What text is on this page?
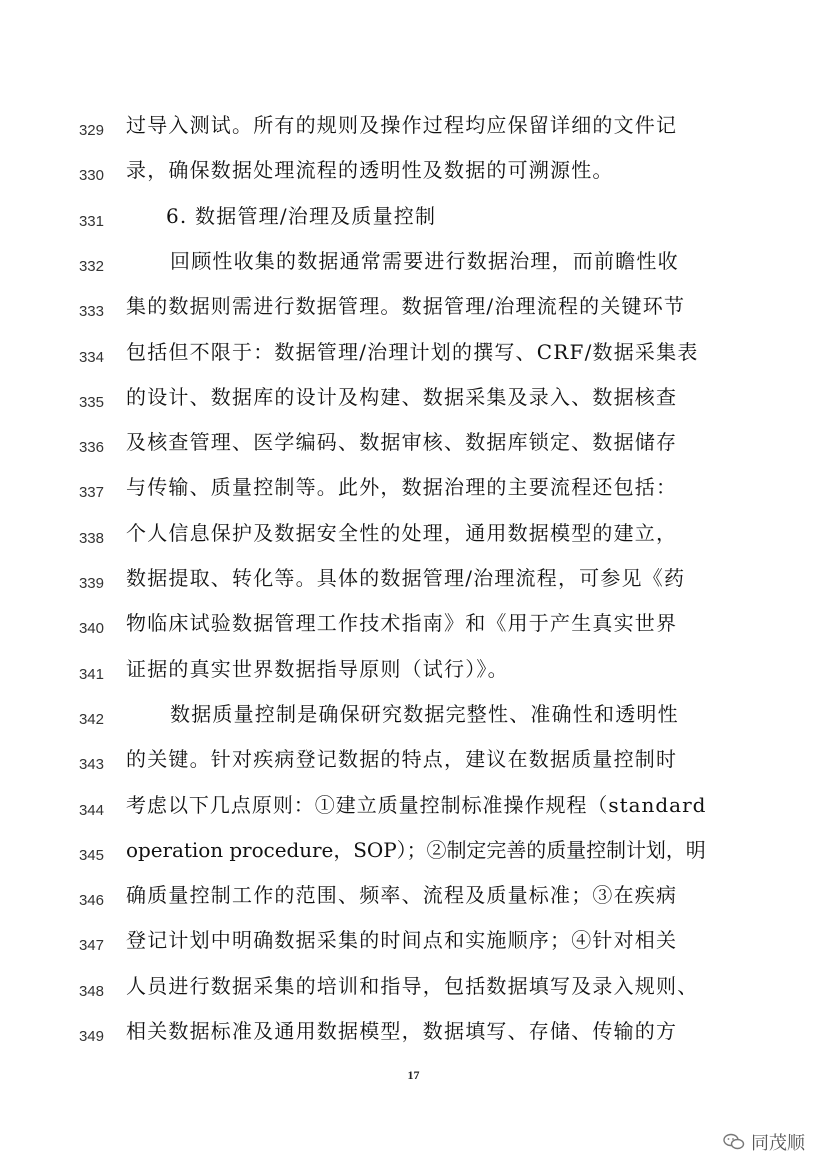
329 过导入测试。所有的规则及操作过程均应保留详细的文件记
330 录，确保数据处理流程的透明性及数据的可溯源性。
331	6. 数据管理/治理及质量控制
332	回顾性收集的数据通常需要进行数据治理，而前瞻性收
333 集的数据则需进行数据管理。数据管理/治理流程的关键环节
334 包括但不限于：数据管理/治理计划的撰写、CRF/数据采集表
335 的设计、数据库的设计及构建、数据采集及录入、数据核查
336 及核查管理、医学编码、数据审核、数据库锁定、数据储存
337 与传输、质量控制等。此外，数据治理的主要流程还包括：
338 个人信息保护及数据安全性的处理，通用数据模型的建立，
339 数据提取、转化等。具体的数据管理/治理流程，可参见《药
340 物临床试验数据管理工作技术指南》和《用于产生真实世界
341 证据的真实世界数据指导原则（试行）》。
342	数据质量控制是确保研究数据完整性、准确性和透明性
343 的关键。针对疾病登记数据的特点，建议在数据质量控制时
344 考虑以下几点原则：①建立质量控制标准操作规程（standard
345 operation procedure，SOP）；②制定完善的质量控制计划，明
346 确质量控制工作的范围、频率、流程及质量标准；③在疾病
347 登记计划中明确数据采集的时间点和实施顺序；④针对相关
348 人员进行数据采集的培训和指导，包括数据填写及录入规则、
349 相关数据标准及通用数据模型，数据填写、存储、传输的方
17
同茂顺
